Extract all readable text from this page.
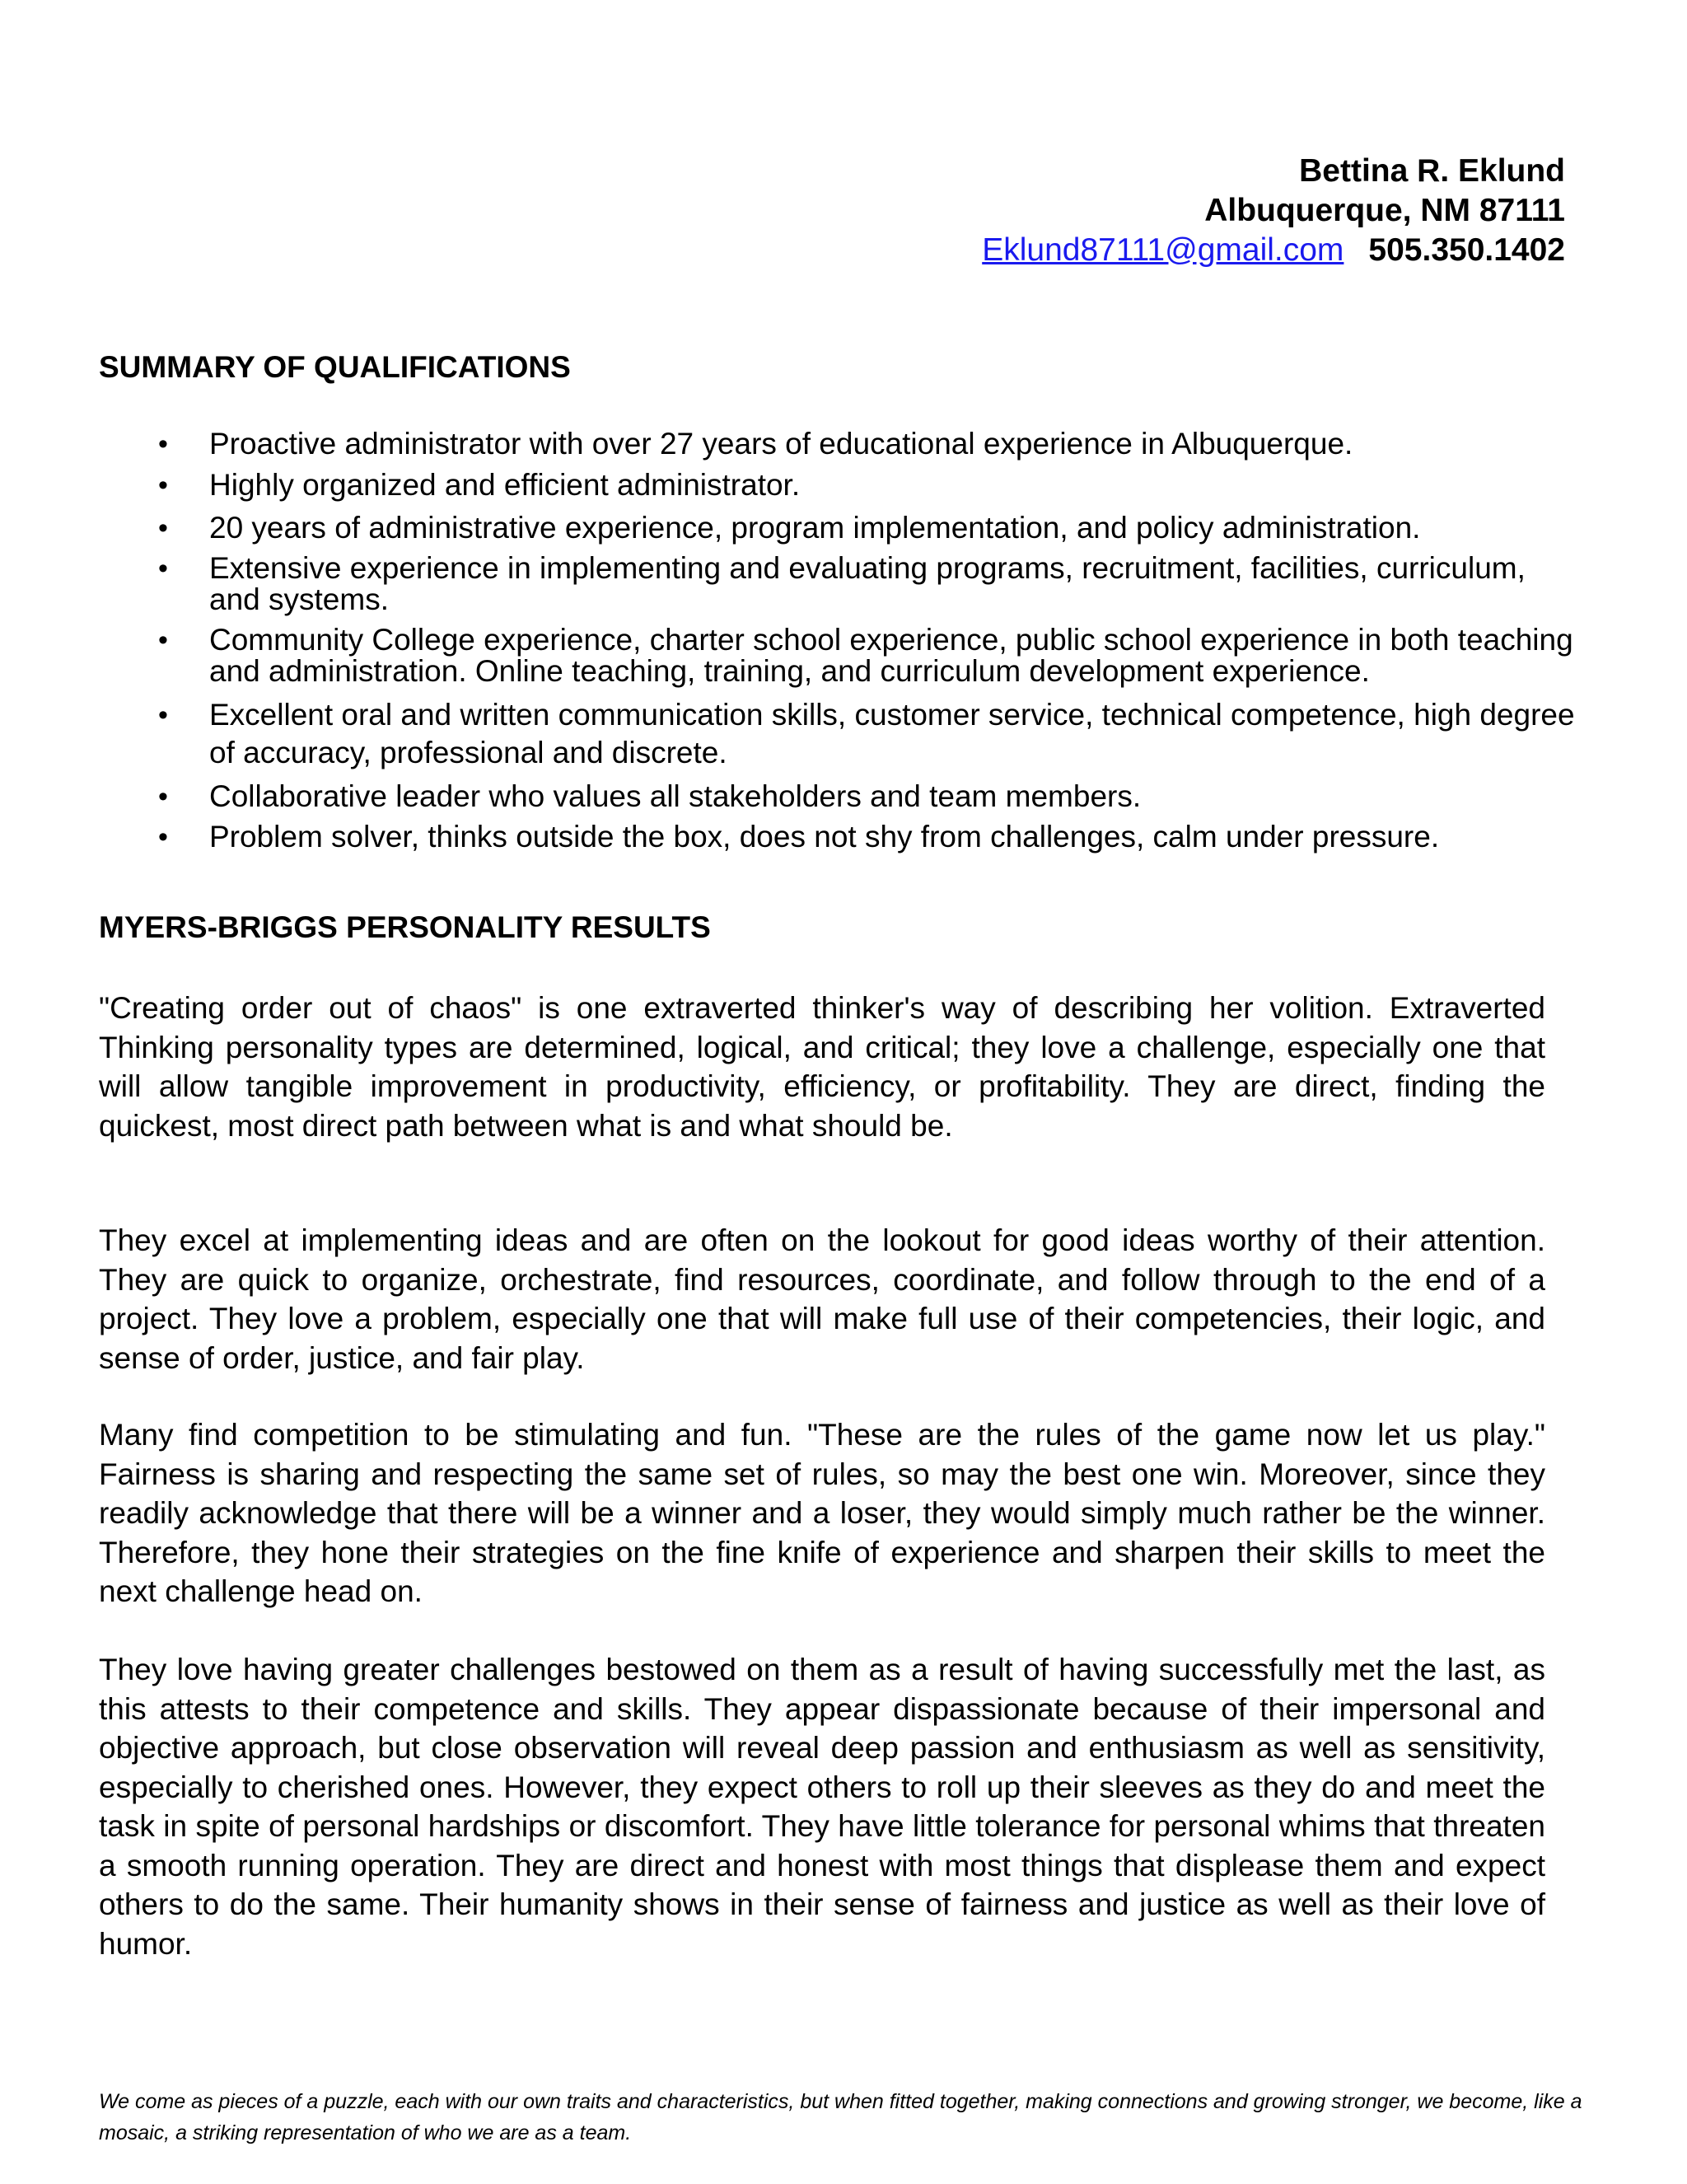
Bettina R. Eklund
Albuquerque, NM 87111
Eklund87111@gmail.com 505.350.1402
SUMMARY OF QUALIFICATIONS
• Proactive administrator with over 27 years of educational experience in Albuquerque.
• Highly organized and efficient administrator.
• 20 years of administrative experience, program implementation, and policy administration.
• Extensive experience in implementing and evaluating programs, recruitment, facilities, curriculum, and systems.
• Community College experience, charter school experience, public school experience in both teaching and administration. Online teaching, training, and curriculum development experience.
• Excellent oral and written communication skills, customer service, technical competence, high degree of accuracy, professional and discrete.
• Collaborative leader who values all stakeholders and team members.
• Problem solver, thinks outside the box, does not shy from challenges, calm under pressure.
MYERS-BRIGGS PERSONALITY RESULTS

"Creating order out of chaos" is one extraverted thinker's way of describing her volition. Extraverted Thinking personality types are determined, logical, and critical; they love a challenge, especially one that will allow tangible improvement in productivity, efficiency, or profitability. They are direct, finding the quickest, most direct path between what is and what should be.

They excel at implementing ideas and are often on the lookout for good ideas worthy of their attention. They are quick to organize, orchestrate, find resources, coordinate, and follow through to the end of a project. They love a problem, especially one that will make full use of their competencies, their logic, and sense of order, justice, and fair play.

Many find competition to be stimulating and fun. "These are the rules of the game now let us play." Fairness is sharing and respecting the same set of rules, so may the best one win. Moreover, since they readily acknowledge that there will be a winner and a loser, they would simply much rather be the winner. Therefore, they hone their strategies on the fine knife of experience and sharpen their skills to meet the next challenge head on.

They love having greater challenges bestowed on them as a result of having successfully met the last, as this attests to their competence and skills. They appear dispassionate because of their impersonal and objective approach, but close observation will reveal deep passion and enthusiasm as well as sensitivity, especially to cherished ones. However, they expect others to roll up their sleeves as they do and meet the task in spite of personal hardships or discomfort. They have little tolerance for personal whims that threaten a smooth running operation. They are direct and honest with most things that displease them and expect others to do the same. Their humanity shows in their sense of fairness and justice as well as their love of humor.

We come as pieces of a puzzle, each with our own traits and characteristics, but when fitted together, making connections and growing stronger, we become, like a mosaic, a striking representation of who we are as a team.
